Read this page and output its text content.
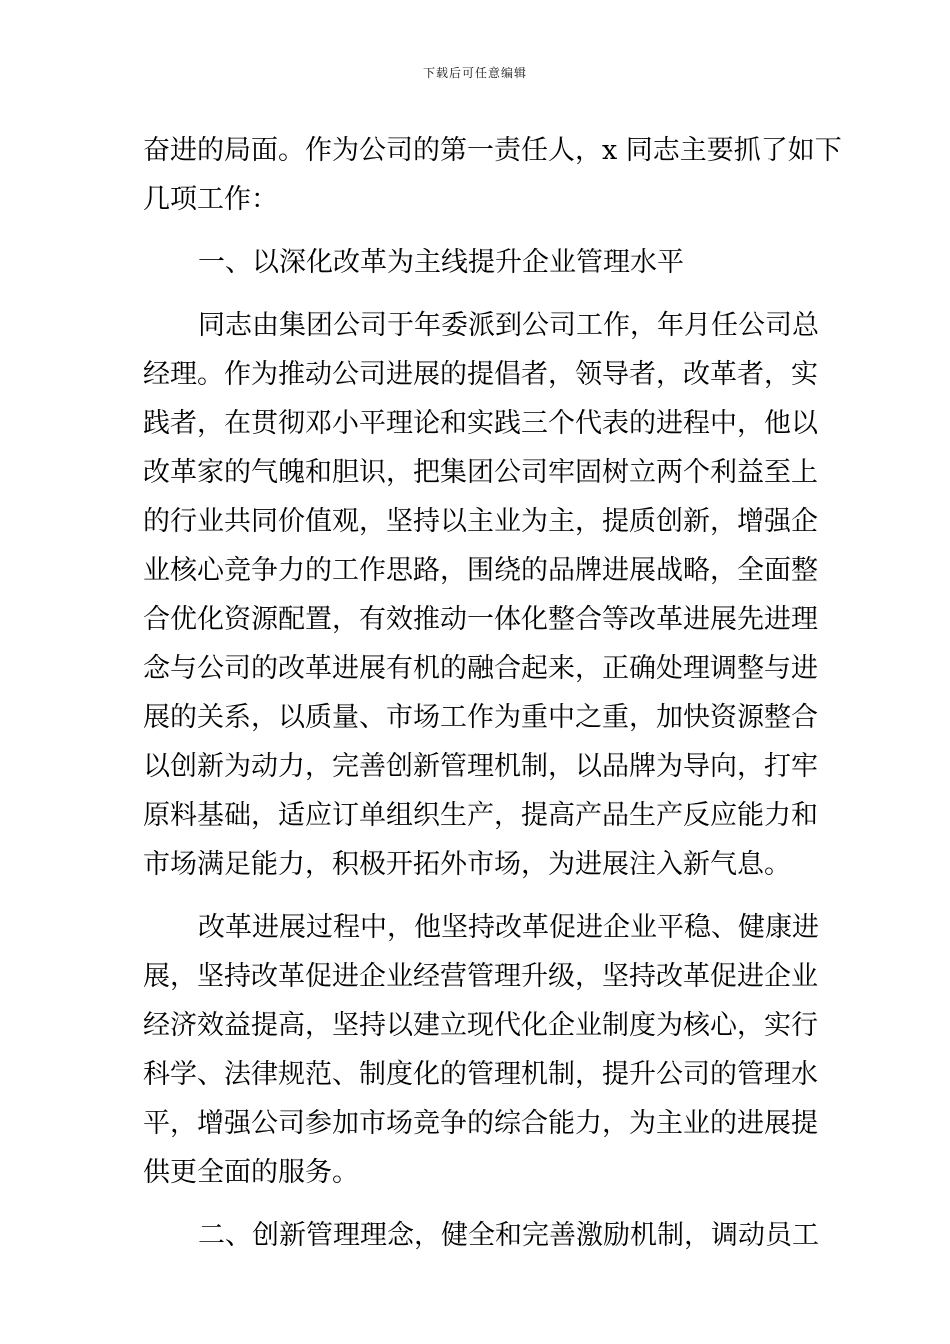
下载后可任意编辑
奋进的局面。作为公司的第一责任人，x 同志主要抓了如下
几项工作：
一、以深化改革为主线提升企业管理水平
同志由集团公司于年委派到公司工作，年月任公司总
经理。作为推动公司进展的提倡者，领导者，改革者，实
践者，在贯彻邓小平理论和实践三个代表的进程中，他以
改革家的气魄和胆识，把集团公司牢固树立两个利益至上
的行业共同价值观，坚持以主业为主，提质创新，增强企
业核心竞争力的工作思路，围绕的品牌进展战略，全面整
合优化资源配置，有效推动一体化整合等改革进展先进理
念与公司的改革进展有机的融合起来，正确处理调整与进
展的关系，以质量、市场工作为重中之重，加快资源整合
以创新为动力，完善创新管理机制，以品牌为导向，打牢
原料基础，适应订单组织生产，提高产品生产反应能力和
市场满足能力，积极开拓外市场，为进展注入新气息。
改革进展过程中，他坚持改革促进企业平稳、健康进
展，坚持改革促进企业经营管理升级，坚持改革促进企业
经济效益提高，坚持以建立现代化企业制度为核心，实行
科学、法律规范、制度化的管理机制，提升公司的管理水
平，增强公司参加市场竞争的综合能力，为主业的进展提
供更全面的服务。
二、创新管理理念，健全和完善激励机制，调动员工
